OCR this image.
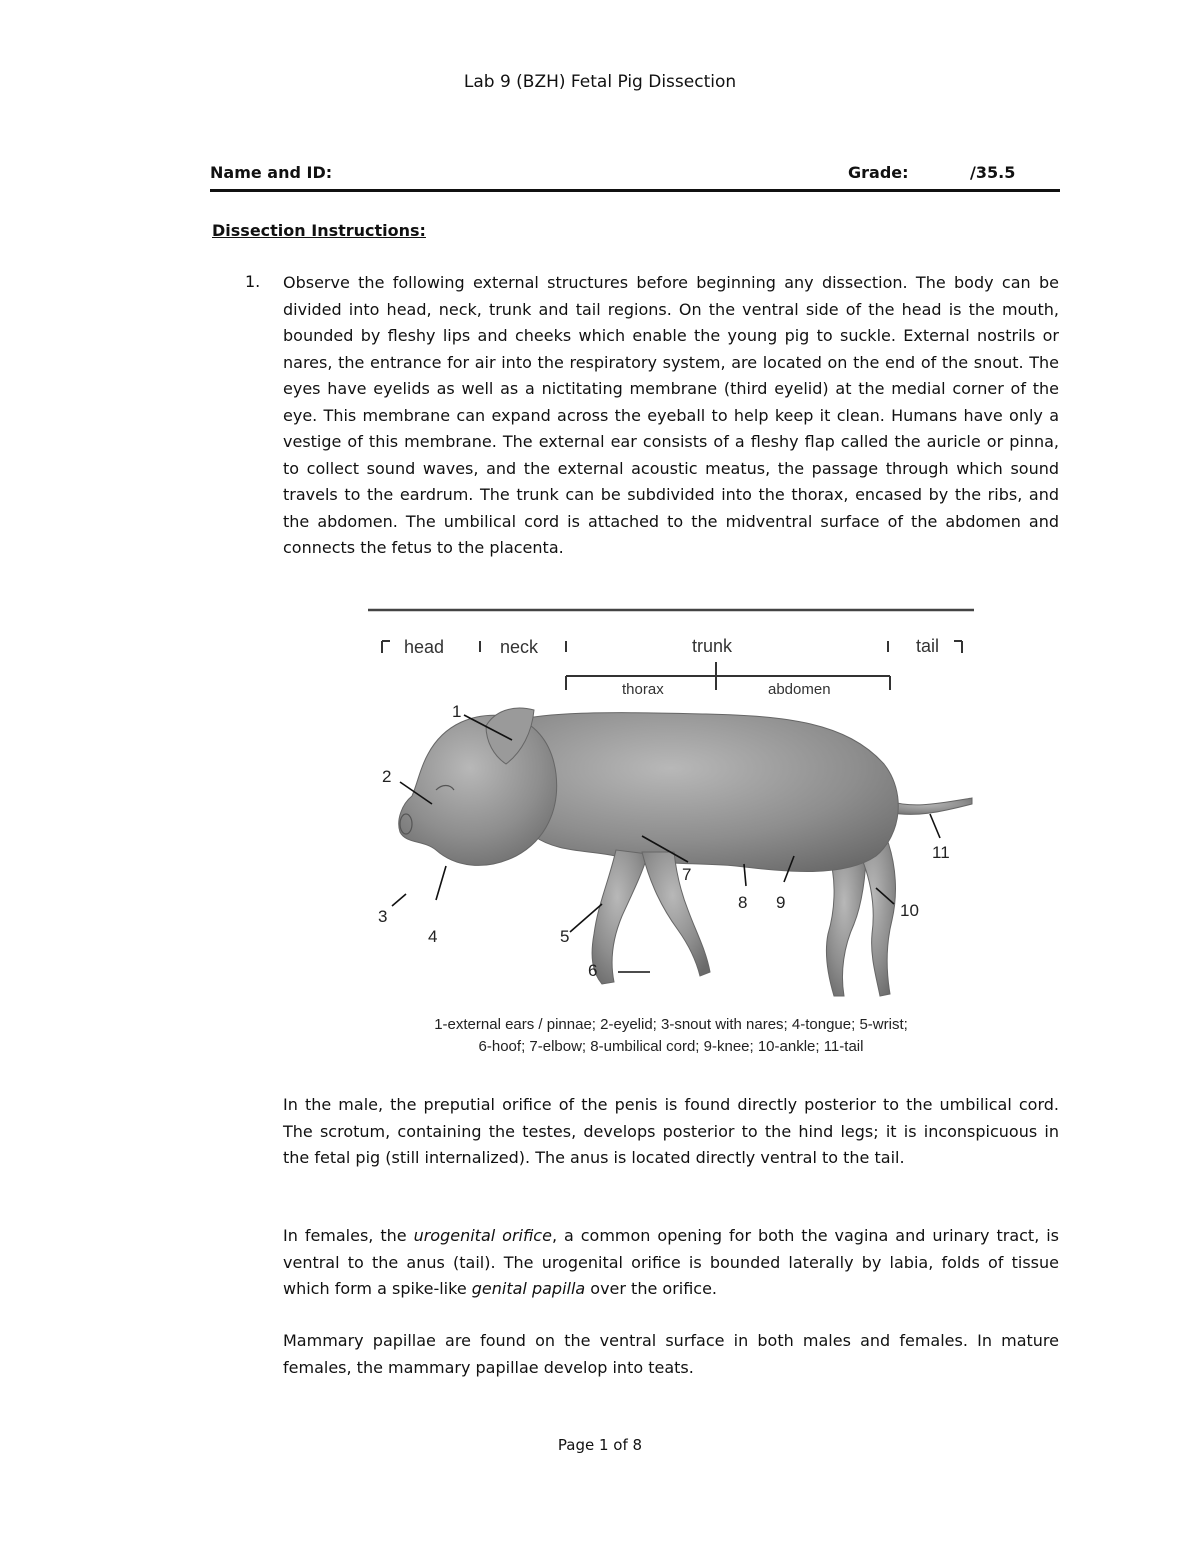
Lab 9 (BZH) Fetal Pig Dissection
Name and ID:	Grade:	/35.5
Dissection Instructions:
1. Observe the following external structures before beginning any dissection. The body can be divided into head, neck, trunk and tail regions. On the ventral side of the head is the mouth, bounded by fleshy lips and cheeks which enable the young pig to suckle. External nostrils or nares, the entrance for air into the respiratory system, are located on the end of the snout. The eyes have eyelids as well as a nictitating membrane (third eyelid) at the medial corner of the eye. This membrane can expand across the eyeball to help keep it clean. Humans have only a vestige of this membrane. The external ear consists of a fleshy flap called the auricle or pinna, to collect sound waves, and the external acoustic meatus, the passage through which sound travels to the eardrum. The trunk can be subdivided into the thorax, encased by the ribs, and the abdomen. The umbilical cord is attached to the midventral surface of the abdomen and connects the fetus to the placenta.
head	neck	trunk	tail
thorax	abdomen
1
2
3
4	5
6
7
8 9	10
11
1-external ears / pinnae; 2-eyelid; 3-snout with nares; 4-tongue; 5-wrist;
6-hoof; 7-elbow; 8-umbilical cord; 9-knee; 10-ankle; 11-tail
In the male, the preputial orifice of the penis is found directly posterior to the umbilical cord. The scrotum, containing the testes, develops posterior to the hind legs; it is inconspicuous in the fetal pig (still internalized). The anus is located directly ventral to the tail.
In females, the urogenital orifice, a common opening for both the vagina and urinary tract, is ventral to the anus (tail). The urogenital orifice is bounded laterally by labia, folds of tissue which form a spike-like genital papilla over the orifice.
Mammary papillae are found on the ventral surface in both males and females. In mature females, the mammary papillae develop into teats.
Page 1 of 8
